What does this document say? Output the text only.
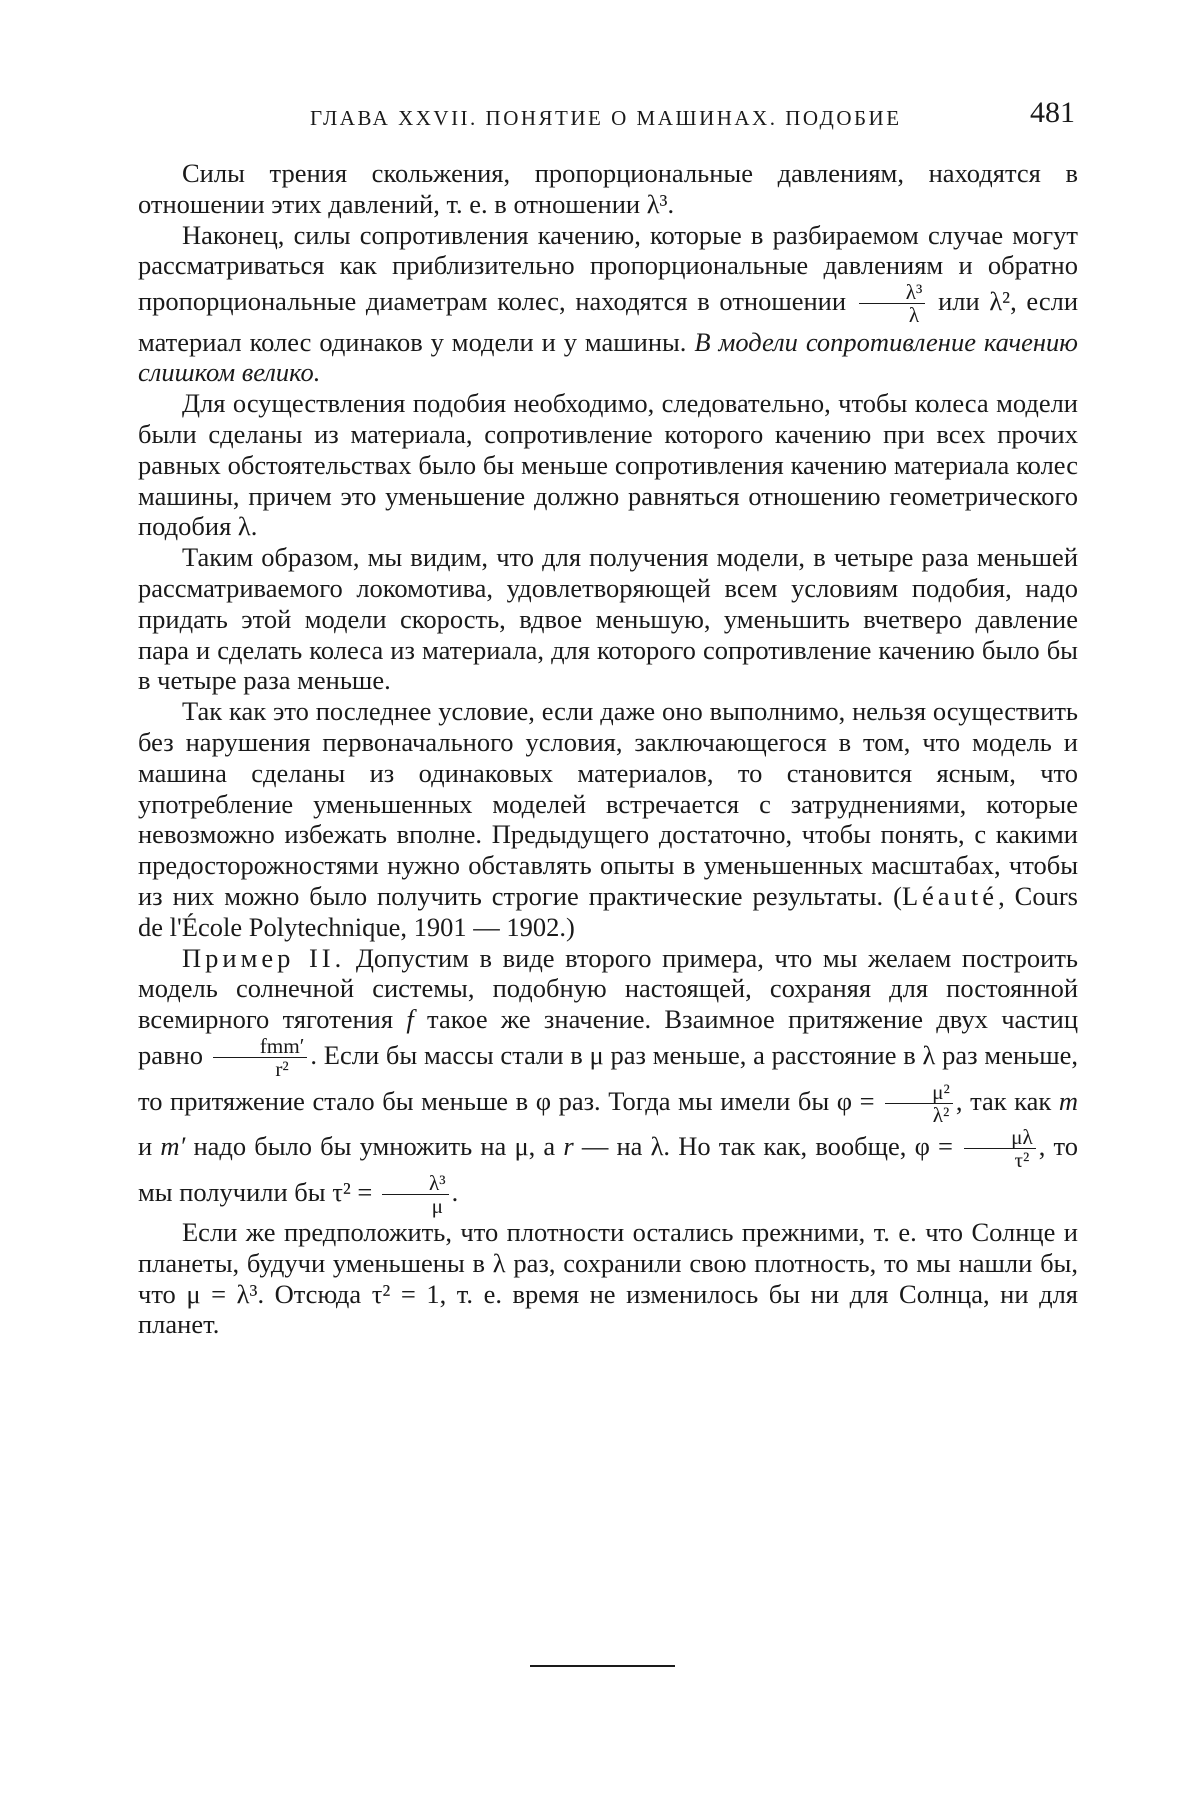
ГЛАВА XXVII. ПОНЯТИЕ О МАШИНАХ. ПОДОБИЕ	481

Силы трения скольжения, пропорциональные давлениям, находятся в отношении этих давлений, т. е. в отношении λ³.

Наконец, силы сопротивления качению, которые в разбираемом случае могут рассматриваться как приблизительно пропорциональные давлениям и обратно пропорциональные диаметрам колес, находятся в отношении $\frac{\text{λ³}}{\lambda}$ или λ², если материал колес одинаков у модели и у машины. В модели сопротивление качению слишком велико.

Для осуществления подобия необходимо, следовательно, чтобы колеса модели были сделаны из материала, сопротивление которого качению при всех прочих равных обстоятельствах было бы меньше сопротивления качению материала колес машины, причем это уменьшение должно равняться отношению геометрического подобия λ.

Таким образом, мы видим, что для получения модели, в четыре раза меньшей рассматриваемого локомотива, удовлетворяющей всем условиям подобия, надо придать этой модели скорость, вдвое меньшую, уменьшить вчетверо давление пара и сделать колеса из материала, для которого сопротивление качению было бы в четыре раза меньше.

Так как это последнее условие, если даже оно выполнимо, нельзя осуществить без нарушения первоначального условия, заключающегося в том, что модель и машина сделаны из одинаковых материалов, то становится ясным, что употребление уменьшенных моделей встречается с затруднениями, которые невозможно избежать вполне. Предыдущего достаточно, чтобы понять, с какими предосторожностями нужно обставлять опыты в уменьшенных масштабах, чтобы из них можно было получить строгие практические результаты. (Léauté, Cours de l'École Polytechnique, 1901 — 1902.)

Пример II. Допустим в виде второго примера, что мы желаем построить модель солнечной системы, подобную настоящей, сохраняя для постоянной всемирного тяготения f такое же значение. Взаимное притяжение двух частиц равно $\frac{\text{fmm′}}{\text{r²}}$ . Если бы массы стали в μ раз меньше, а расстояние в λ раз меньше, то притяжение стало бы меньше в φ раз. Тогда мы имели бы $\varphi = \frac{\text{μ²}}{\text{λ²}}$ , так как m и m′ надо было бы умножить на μ, а r — на λ. Но так как, вообще, $\varphi = \frac{\mu\lambda}{\text{τ²}}$ , то мы получили бы $\tau^2 = \frac{\text{λ³}}{\mu}$ .

Если же предположить, что плотности остались прежними, т. е. что Солнце и планеты, будучи уменьшены в λ раз, сохранили свою плотность, то мы нашли бы, что μ = λ³. Отсюда τ² = 1, т. е. время не изменилось бы ни для Солнца, ни для планет.
